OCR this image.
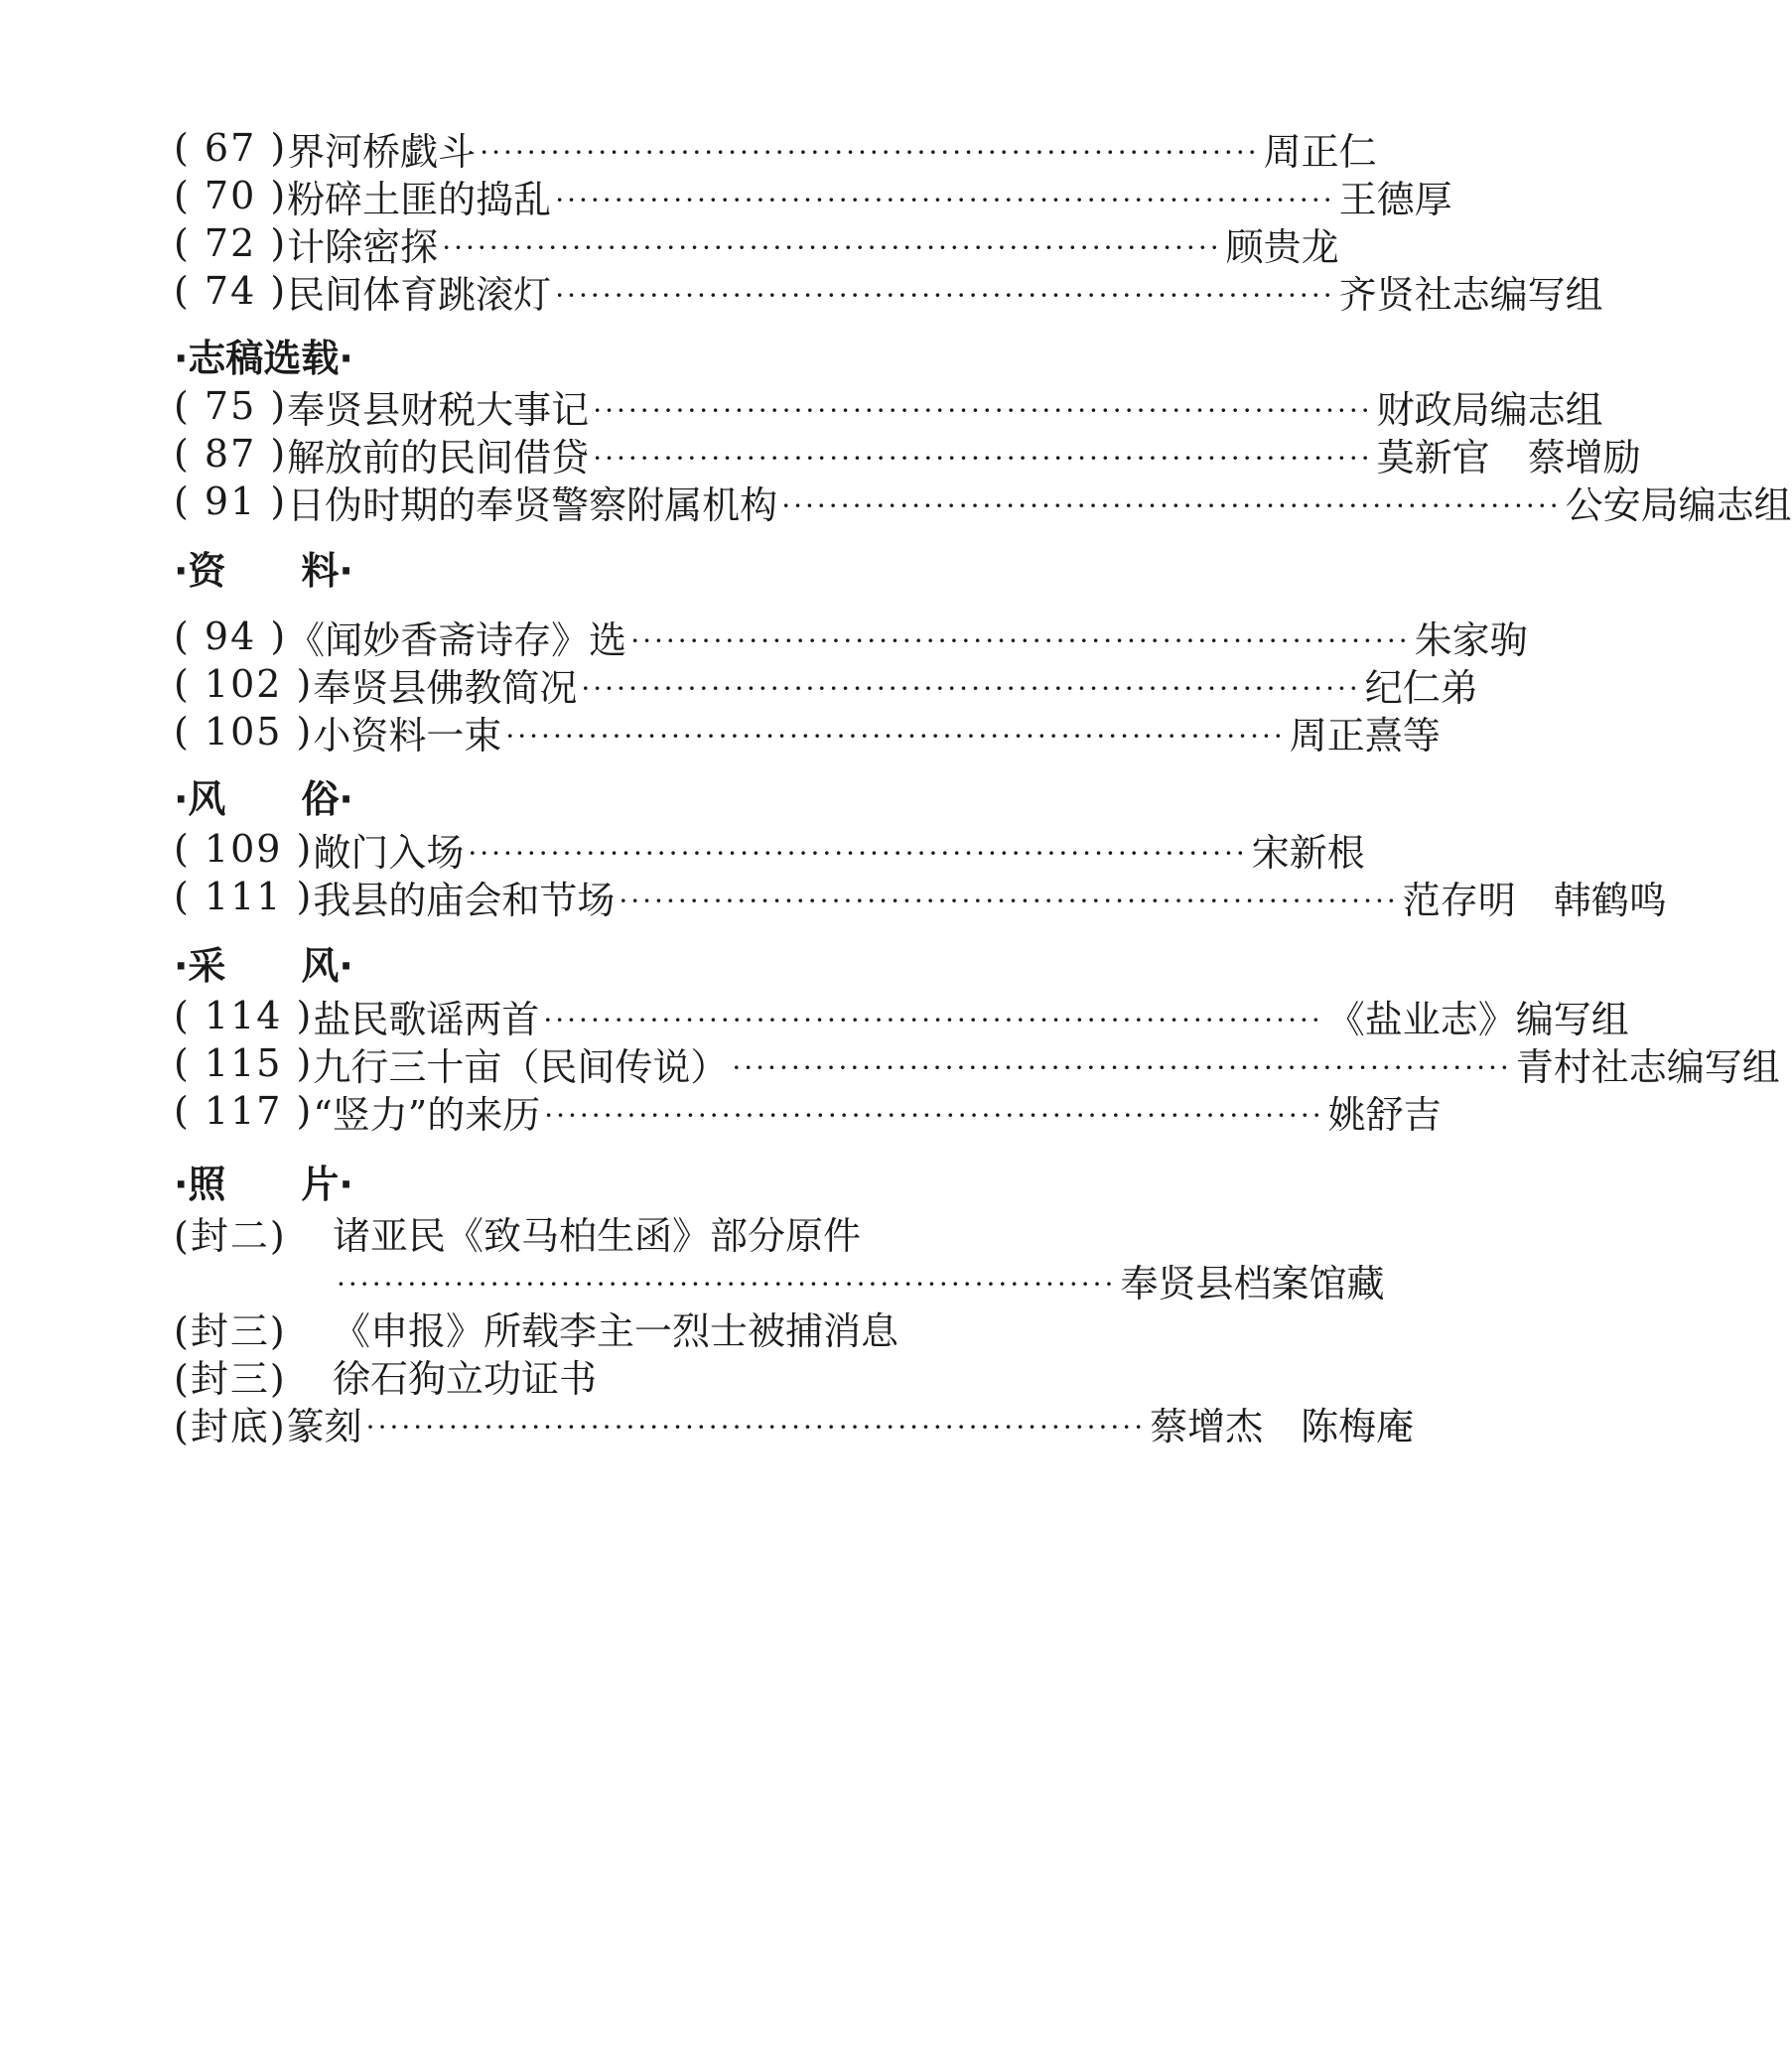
( 67 ) 界河桥戯斗 ·································································· 周正仁
( 70 ) 粉碎土匪的捣乱 ·································································· 王德厚
( 72 ) 计除密探 ·································································· 顾贵龙
( 74 ) 民间体育跳滚灯 ·································································· 齐贤社志编写组
·志稿选载·
( 75 ) 奉贤县财税大事记 ·································································· 财政局编志组
( 87 ) 解放前的民间借贷 ·································································· 莫新官　蔡增励
( 91 ) 日伪时期的奉贤警察附属机构 ·································································· 公安局编志组
·资　　料·
( 94 ) 《闻妙香斋诗存》选 ·································································· 朱家驹
( 102 ) 奉贤县佛教简况 ·································································· 纪仁弟
( 105 ) 小资料一束 ·································································· 周正熹等
·风　　俗·
( 109 ) 敞门入场 ·································································· 宋新根
( 111 ) 我县的庙会和节场 ·································································· 范存明　韩鹤鸣
·采　　风·
( 114 ) 盐民歌谣两首 ·································································· 《盐业志》编写组
( 115 ) 九行三十亩（民间传说） ·································································· 青村社志编写组
( 117 ) “竖力”的来历 ·································································· 姚舒吉
·照　　片·
(封二)	诸亚民《致马柏生函》部分原件
·································································· 奉贤县档案馆藏
(封三)	《申报》所载李主一烈士被捕消息
(封三)	徐石狗立功证书
(封底) 篆刻 ·································································· 蔡增杰　陈梅庵
